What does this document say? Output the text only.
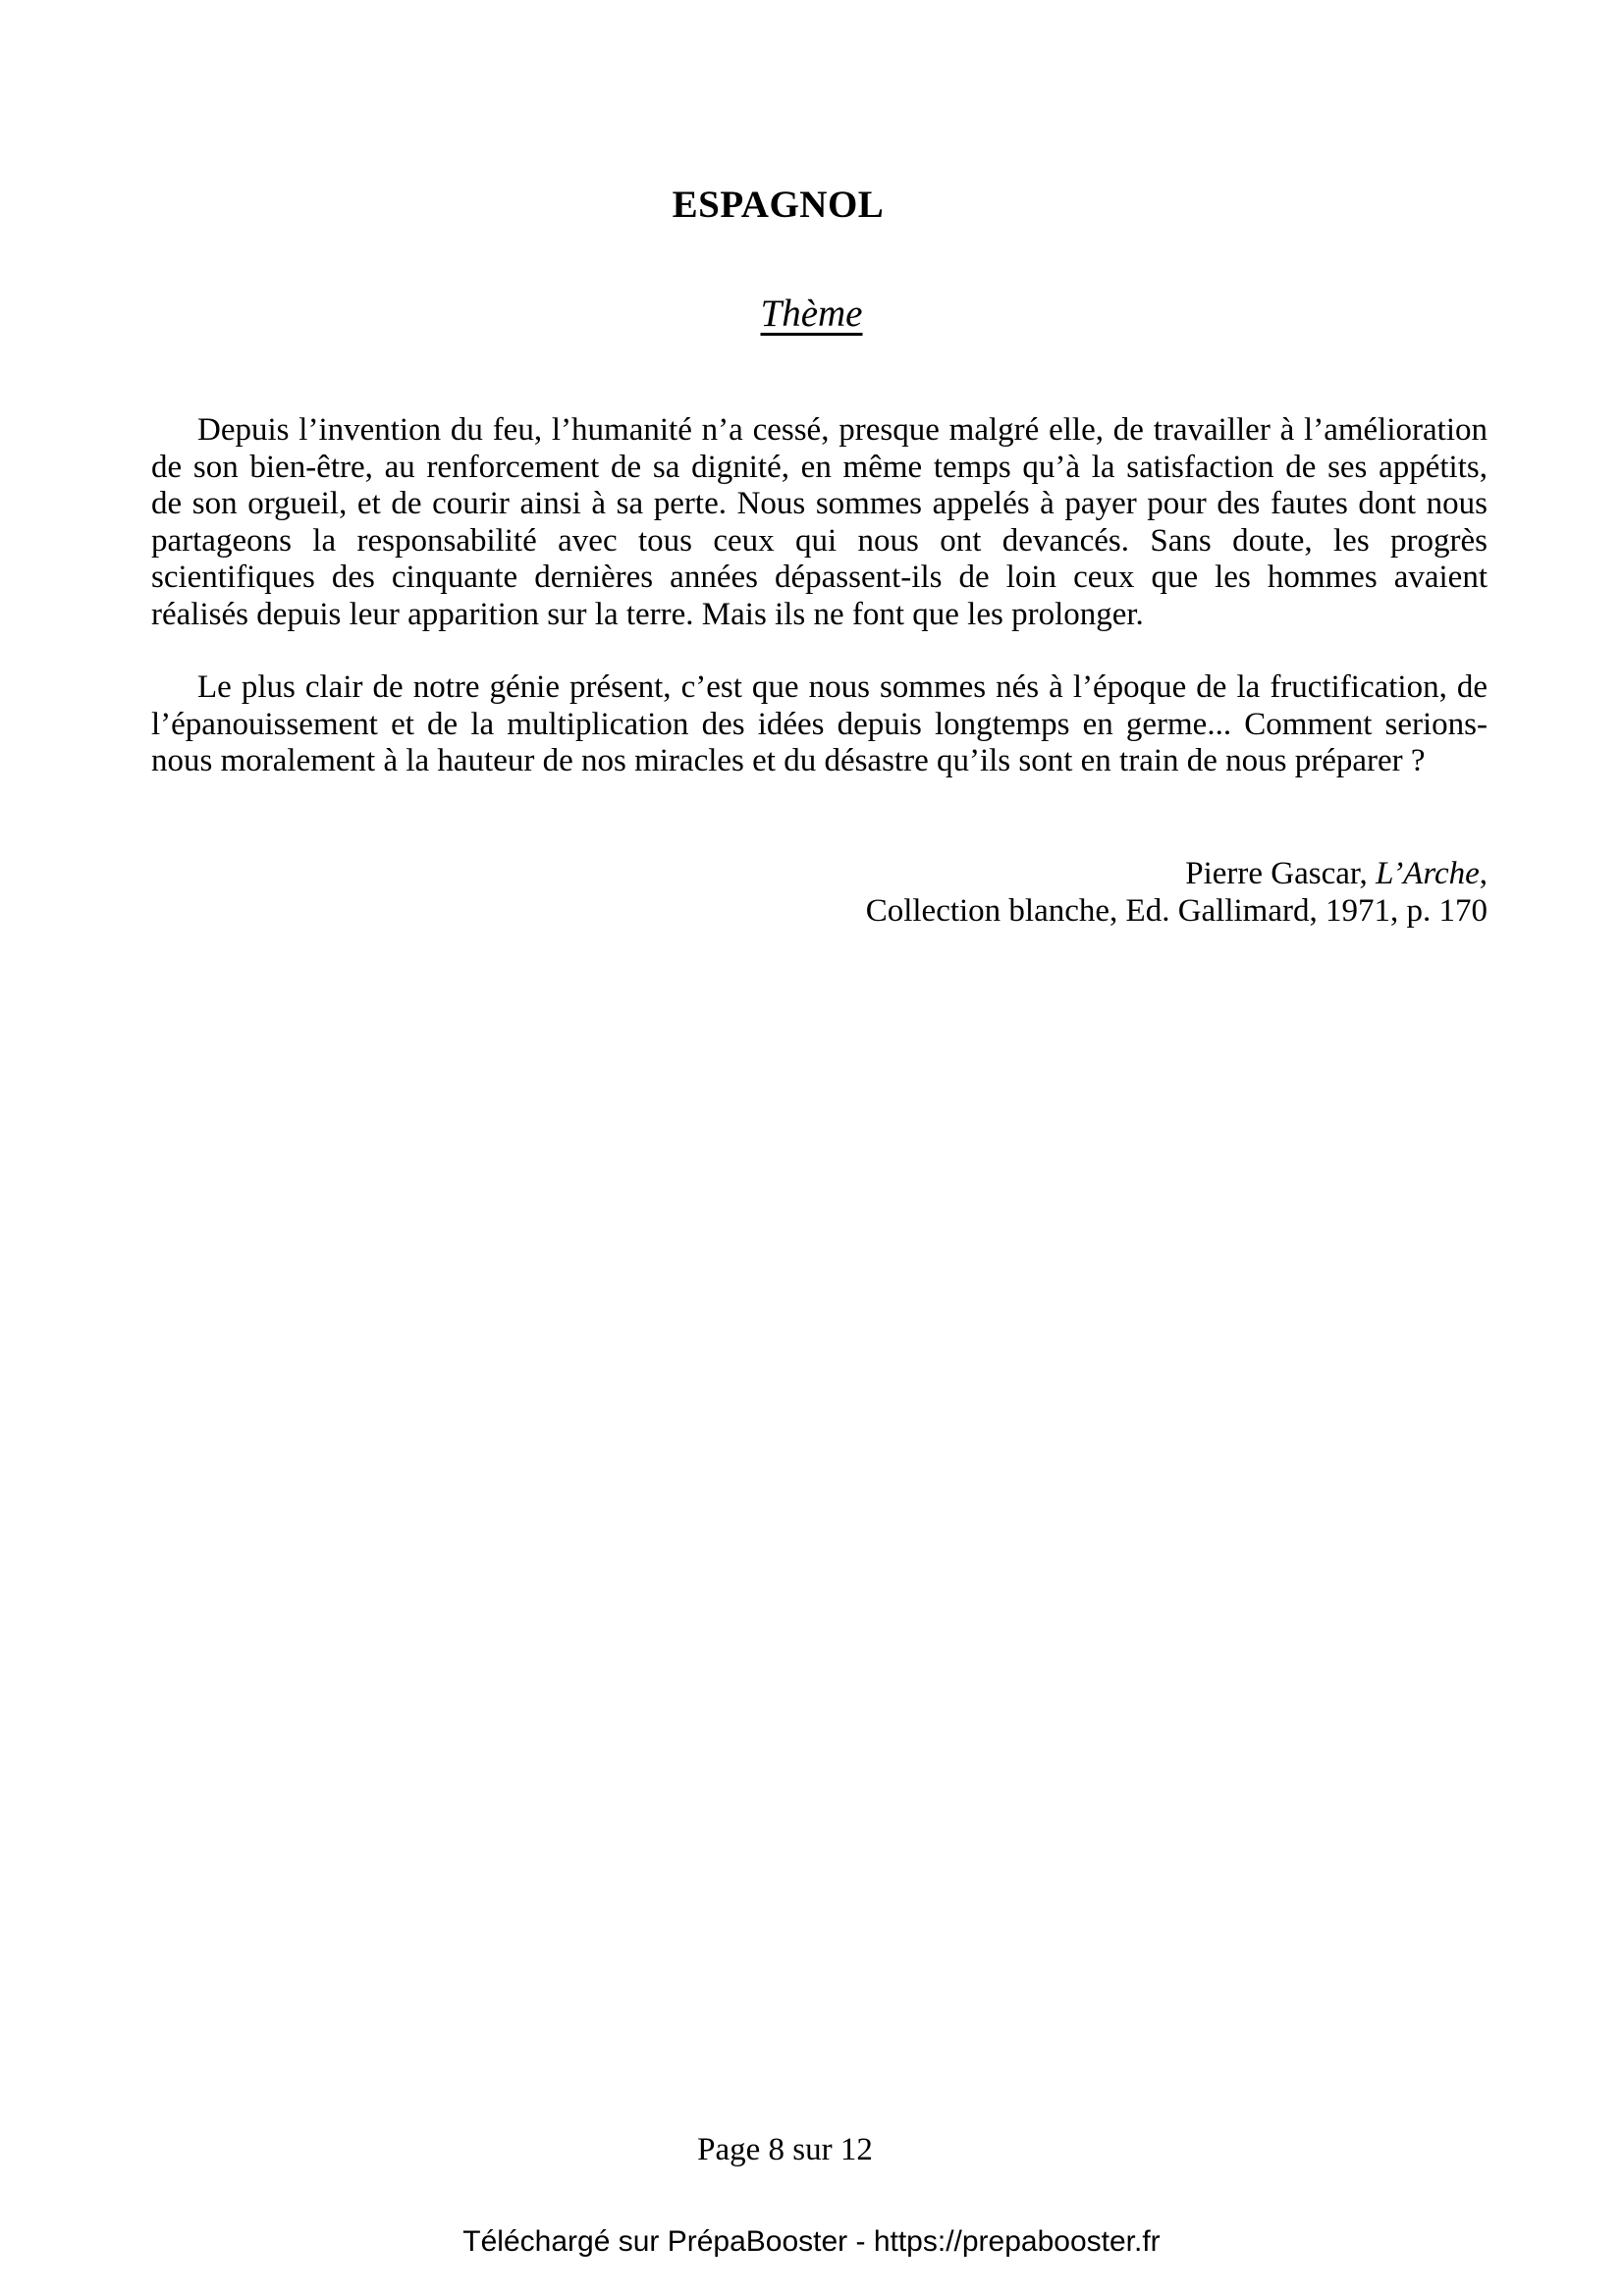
ESPAGNOL
Thème
Depuis l’invention du feu, l’humanité n’a cessé, presque malgré elle, de travailler à l’amélioration
de son bien-être, au renforcement de sa dignité, en même temps qu’à la satisfaction de ses appétits,
de son orgueil, et de courir ainsi à sa perte. Nous sommes appelés à payer pour des fautes dont nous
partageons la responsabilité avec tous ceux qui nous ont devancés. Sans doute, les progrès
scientifiques des cinquante dernières années dépassent-ils de loin ceux que les hommes avaient
réalisés depuis leur apparition sur la terre. Mais ils ne font que les prolonger.
Le plus clair de notre génie présent, c’est que nous sommes nés à l’époque de la fructification, de
l’épanouissement et de la multiplication des idées depuis longtemps en germe... Comment serions-
nous moralement à la hauteur de nos miracles et du désastre qu’ils sont en train de nous préparer ?
Pierre Gascar, L’Arche,
Collection blanche, Ed. Gallimard, 1971, p. 170
Page 8 sur 12
Téléchargé sur PrépaBooster - https://prepabooster.fr
